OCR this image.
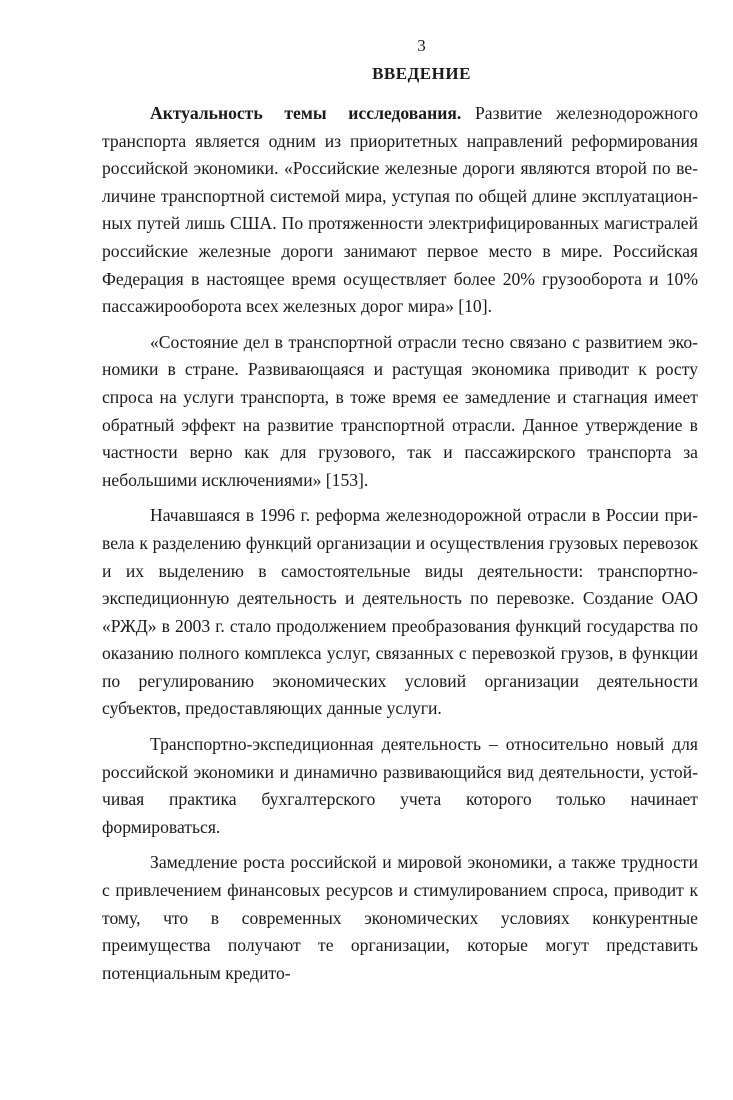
3
ВВЕДЕНИЕ

Актуальность темы исследования. Развитие железнодорожного транспорта является одним из приоритетных направлений реформирования российской экономики. «Российские железные дороги являются второй по величине транспортной системой мира, уступая по общей длине эксплуатационных путей лишь США. По протяженности электрифицированных магистралей российские железные дороги занимают первое место в мире. Российская Федерация в настоящее время осуществляет более 20% грузооборота и 10% пассажирооборота всех железных дорог мира» [10].

«Состояние дел в транспортной отрасли тесно связано с развитием экономики в стране. Развивающаяся и растущая экономика приводит к росту спроса на услуги транспорта, в тоже время ее замедление и стагнация имеет обратный эффект на развитие транспортной отрасли. Данное утверждение в частности верно как для грузового, так и пассажирского транспорта за небольшими исключениями» [153].

Начавшаяся в 1996 г. реформа железнодорожной отрасли в России привела к разделению функций организации и осуществления грузовых перевозок и их выделению в самостоятельные виды деятельности: транспортно-экспедиционную деятельность и деятельность по перевозке. Создание ОАО «РЖД» в 2003 г. стало продолжением преобразования функций государства по оказанию полного комплекса услуг, связанных с перевозкой грузов, в функции по регулированию экономических условий организации деятельности субъектов, предоставляющих данные услуги.

Транспортно-экспедиционная деятельность – относительно новый для российской экономики и динамично развивающийся вид деятельности, устойчивая практика бухгалтерского учета которого только начинает формироваться.

Замедление роста российской и мировой экономики, а также трудности с привлечением финансовых ресурсов и стимулированием спроса, приводит к тому, что в современных экономических условиях конкурентные преимущества получают те организации, которые могут представить потенциальным кредито-
